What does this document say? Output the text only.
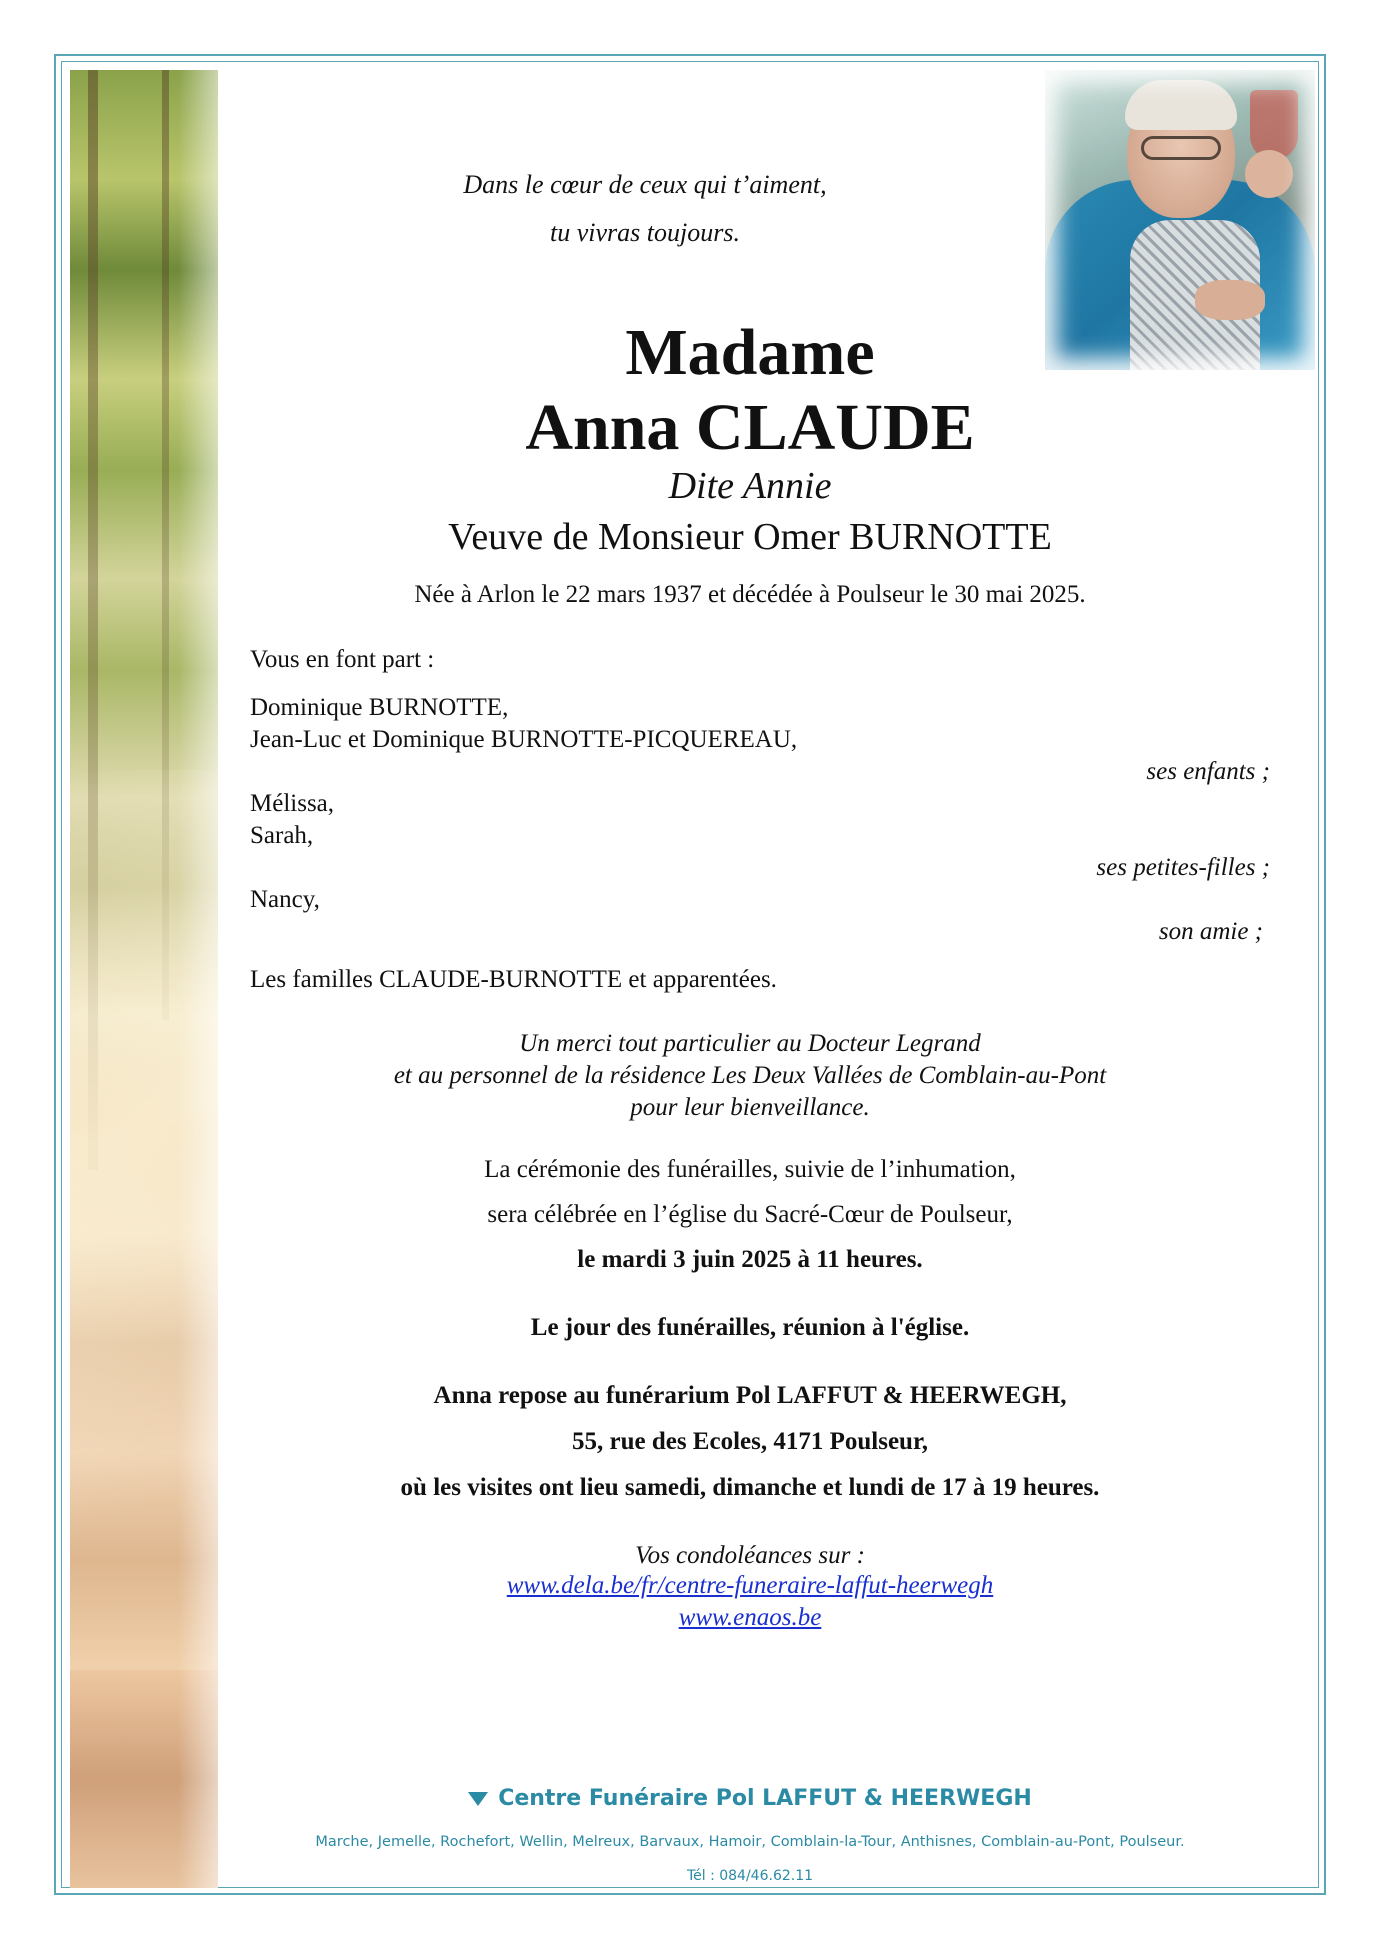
Dans le cœur de ceux qui t’aiment,
tu vivras toujours.
Madame
Anna CLAUDE
Dite Annie
Veuve de Monsieur Omer BURNOTTE
Née à Arlon le 22 mars 1937 et décédée à Poulseur le 30 mai 2025.
Vous en font part :
Dominique BURNOTTE,
Jean-Luc et Dominique BURNOTTE-PICQUEREAU,
ses enfants ;
Mélissa,
Sarah,
ses petites-filles ;
Nancy,
son amie ;
Les familles CLAUDE-BURNOTTE et apparentées.
Un merci tout particulier au Docteur Legrand
et au personnel de la résidence Les Deux Vallées de Comblain-au-Pont
pour leur bienveillance.
La cérémonie des funérailles, suivie de l’inhumation,
sera célébrée en l’église du Sacré-Cœur de Poulseur,
le mardi 3 juin 2025 à 11 heures.
Le jour des funérailles, réunion à l'église.
Anna repose au funérarium Pol LAFFUT & HEERWEGH,
55, rue des Ecoles, 4171 Poulseur,
où les visites ont lieu samedi, dimanche et lundi de 17 à 19 heures.
Vos condoléances sur :
www.dela.be/fr/centre-funeraire-laffut-heerwegh
www.enaos.be
Centre Funéraire Pol LAFFUT & HEERWEGH
Marche, Jemelle, Rochefort, Wellin, Melreux, Barvaux, Hamoir, Comblain-la-Tour, Anthisnes, Comblain-au-Pont, Poulseur.
Tél : 084/46.62.11
